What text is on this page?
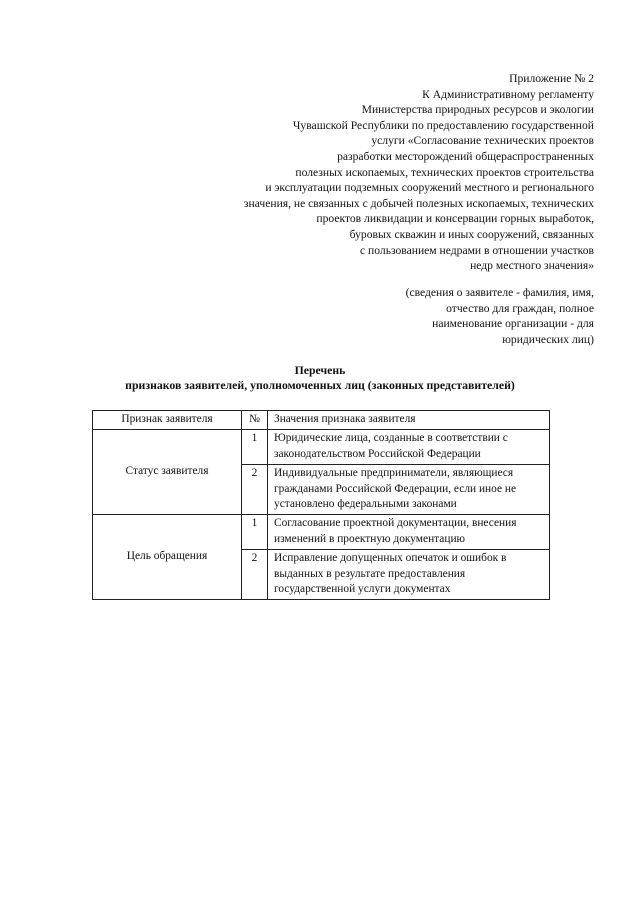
Приложение № 2
К Административному регламенту
Министерства природных ресурсов и экологии
Чувашской Республики по предоставлению государственной
услуги «Согласование технических проектов
разработки месторождений общераспространенных
полезных ископаемых, технических проектов строительства
и эксплуатации подземных сооружений местного и регионального
значения, не связанных с добычей полезных ископаемых, технических
проектов ликвидации и консервации горных выработок,
буровых скважин и иных сооружений, связанных
с пользованием недрами в отношении участков
недр местного значения»
(сведения о заявителе - фамилия, имя,
отчество для граждан, полное
наименование организации - для
юридических лиц)
Перечень
признаков заявителей, уполномоченных лиц (законных представителей)
Признак заявителя	№	Значения признака заявителя
Статус заявителя	1	Юридические лица, созданные в соответствии с законодательством Российской Федерации
	2	Индивидуальные предприниматели, являющиеся гражданами Российской Федерации, если иное не установлено федеральными законами
Цель обращения	1	Согласование проектной документации, внесения изменений в проектную документацию
	2	Исправление допущенных опечаток и ошибок в выданных в результате предоставления государственной услуги документах
